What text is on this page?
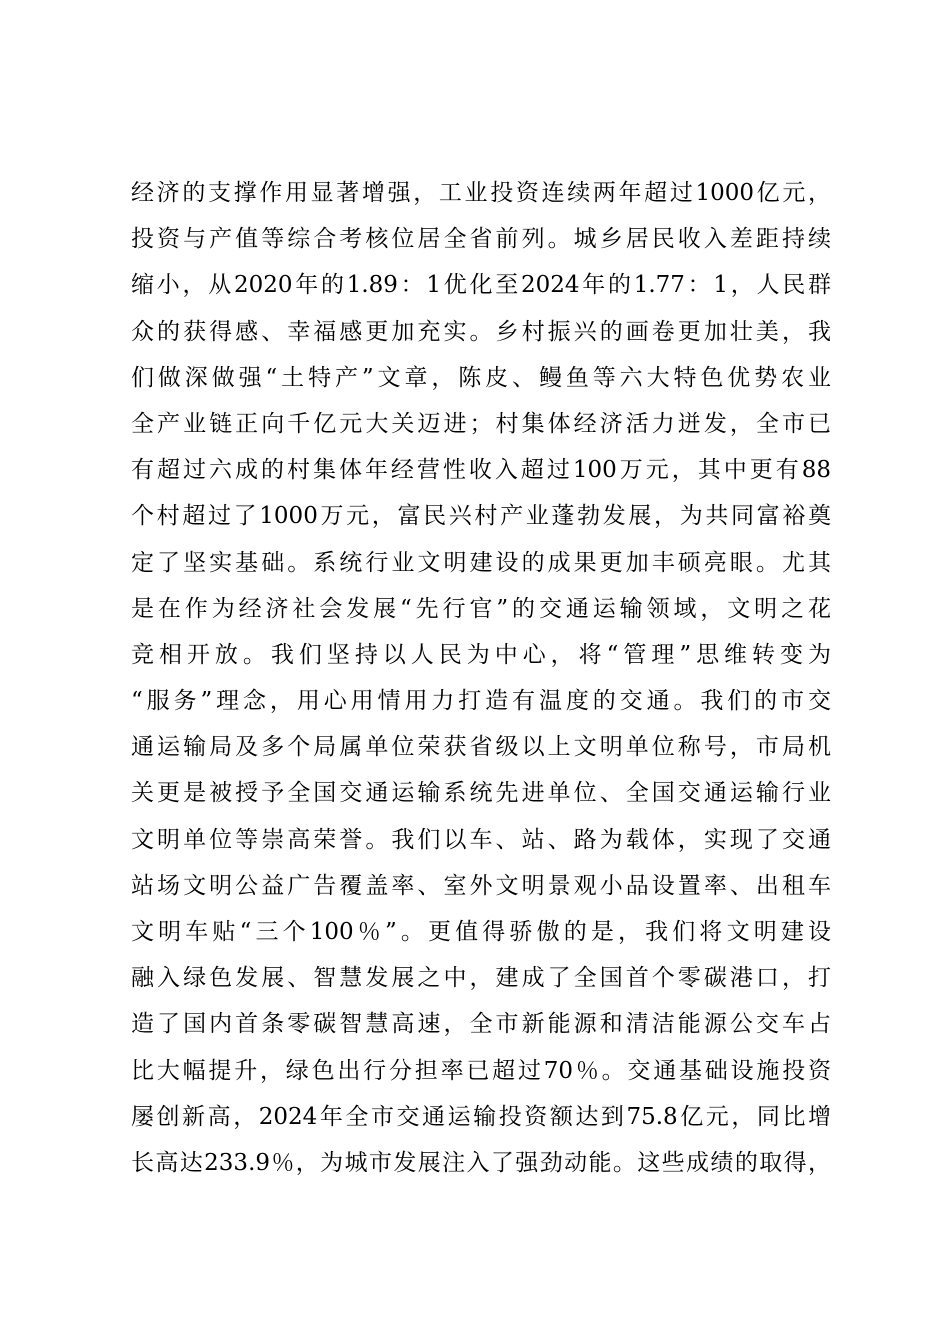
经济的支撑作用显著增强，工业投资连续两年超过1000亿元，
投资与产值等综合考核位居全省前列。城乡居民收入差距持续
缩小，从2020年的1.89：1优化至2024年的1.77：1，人民群
众的获得感、幸福感更加充实。乡村振兴的画卷更加壮美，我
们做深做强“土特产”文章，陈皮、鳗鱼等六大特色优势农业
全产业链正向千亿元大关迈进；村集体经济活力迸发，全市已
有超过六成的村集体年经营性收入超过100万元，其中更有88
个村超过了1000万元，富民兴村产业蓬勃发展，为共同富裕奠
定了坚实基础。系统行业文明建设的成果更加丰硕亮眼。尤其
是在作为经济社会发展“先行官”的交通运输领域，文明之花
竞相开放。我们坚持以人民为中心，将“管理”思维转变为
“服务”理念，用心用情用力打造有温度的交通。我们的市交
通运输局及多个局属单位荣获省级以上文明单位称号，市局机
关更是被授予全国交通运输系统先进单位、全国交通运输行业
文明单位等崇高荣誉。我们以车、站、路为载体，实现了交通
站场文明公益广告覆盖率、室外文明景观小品设置率、出租车
文明车贴“三个100％”。更值得骄傲的是，我们将文明建设
融入绿色发展、智慧发展之中，建成了全国首个零碳港口，打
造了国内首条零碳智慧高速，全市新能源和清洁能源公交车占
比大幅提升，绿色出行分担率已超过70％。交通基础设施投资
屡创新高，2024年全市交通运输投资额达到75.8亿元，同比增
长高达233.9％，为城市发展注入了强劲动能。这些成绩的取得，
